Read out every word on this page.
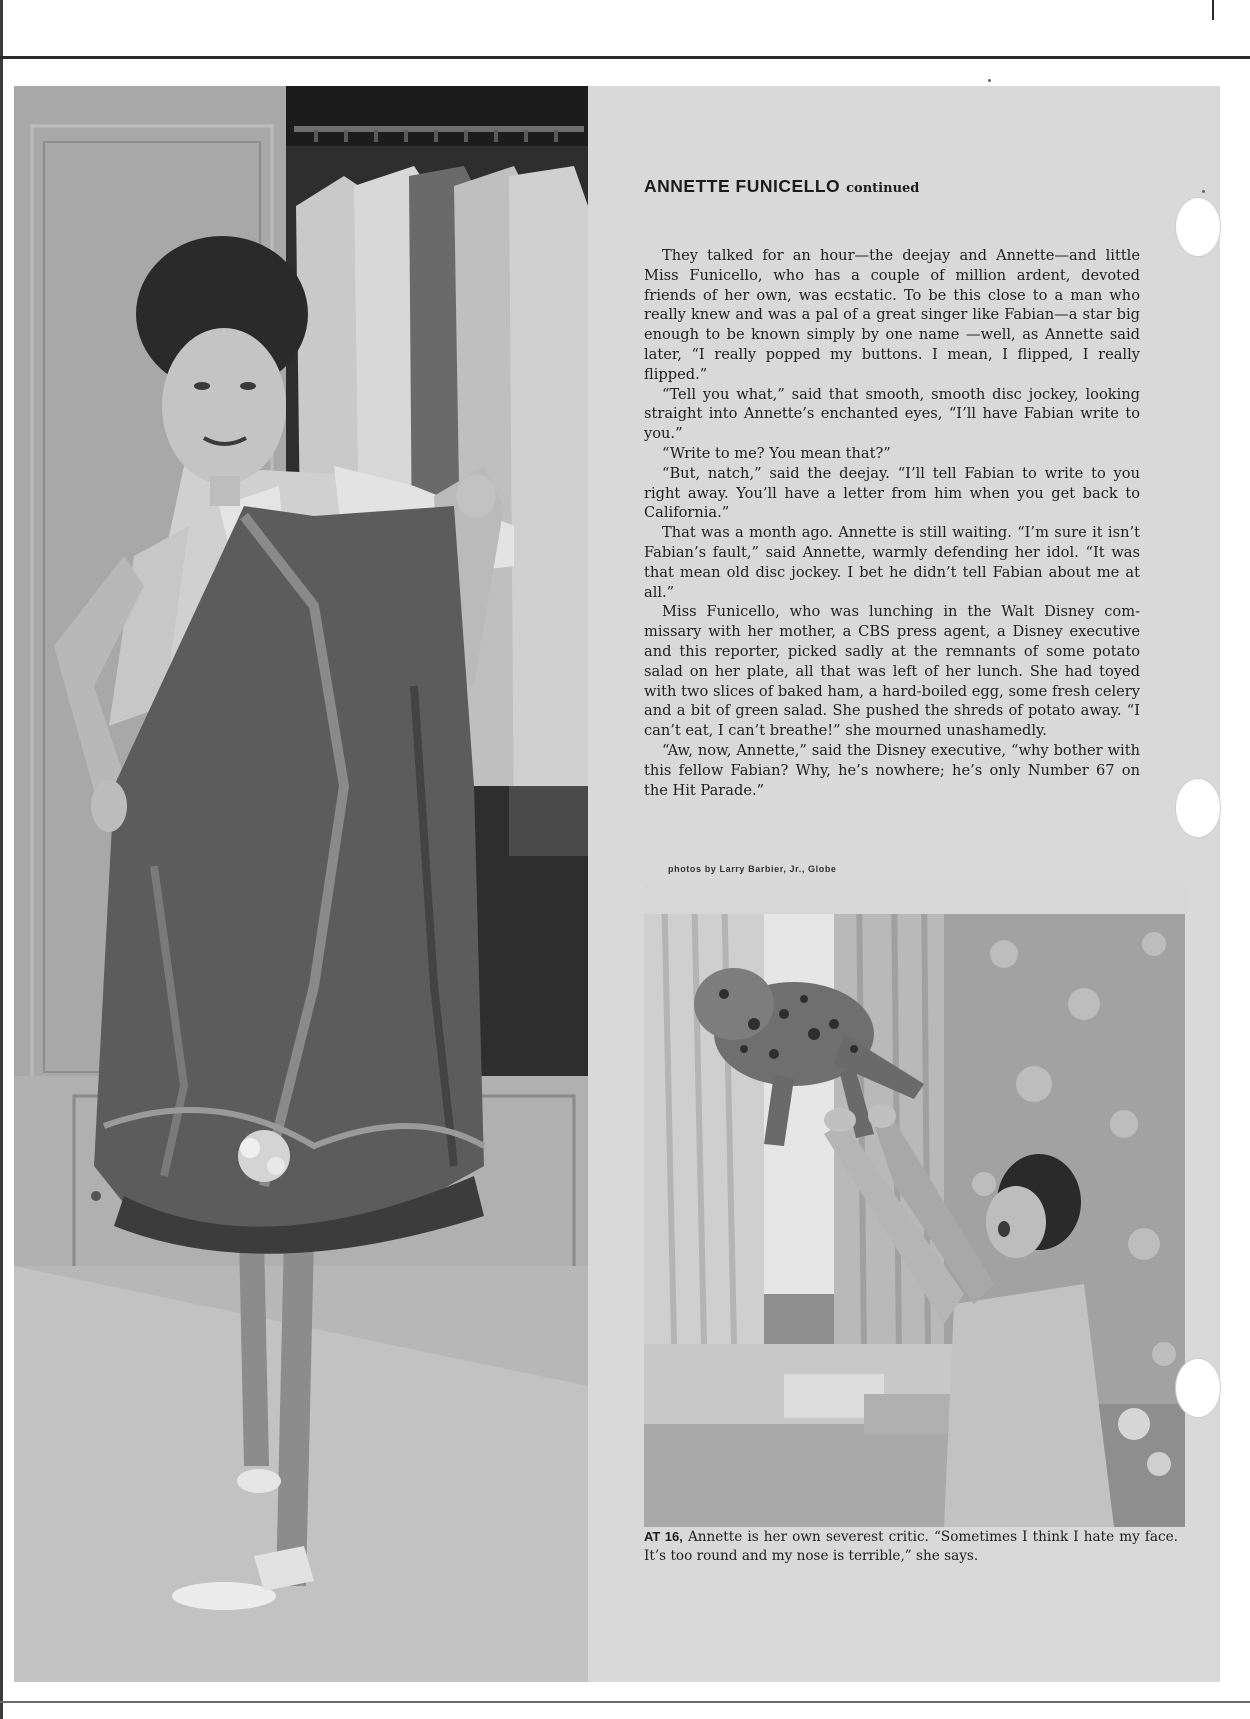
ANNETTE FUNICELLO continued

They talked for an hour—the deejay and Annette—and little Miss Funicello, who has a couple of million ardent, devoted friends of her own, was ecstatic. To be this close to a man who really knew and was a pal of a great singer like Fabian—a star big enough to be known simply by one name —well, as Annette said later, “I really popped my buttons. I mean, I flipped, I really flipped.”

“Tell you what,” said that smooth, smooth disc jockey, looking straight into Annette’s enchanted eyes, “I’ll have Fabian write to you.”

“Write to me? You mean that?”

“But, natch,” said the deejay. “I’ll tell Fabian to write to you right away. You’ll have a letter from him when you get back to California.”

That was a month ago. Annette is still waiting. “I’m sure it isn’t Fabian’s fault,” said Annette, warmly defending her idol. “It was that mean old disc jockey. I bet he didn’t tell Fabian about me at all.”

Miss Funicello, who was lunching in the Walt Disney commissary with her mother, a CBS press agent, a Disney executive and this reporter, picked sadly at the remnants of some potato salad on her plate, all that was left of her lunch. She had toyed with two slices of baked ham, a hard-boiled egg, some fresh celery and a bit of green salad. She pushed the shreds of potato away. “I can’t eat, I can’t breathe!” she mourned unashamedly.

“Aw, now, Annette,” said the Disney executive, “why bother with this fellow Fabian? Why, he’s nowhere; he’s only Number 67 on the Hit Parade.”

photos by Larry Barbier, Jr., Globe

AT 16, Annette is her own severest critic. “Sometimes I think I hate my face. It’s too round and my nose is terrible,” she says.
